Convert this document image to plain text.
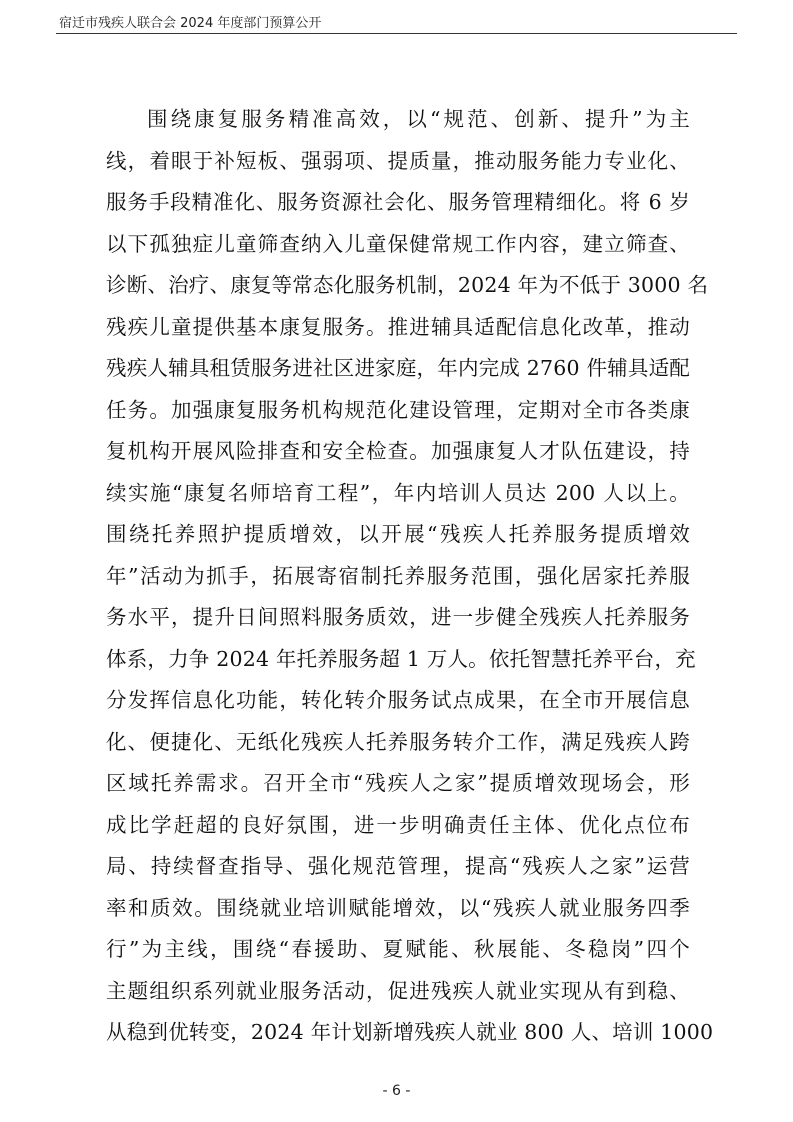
宿迁市残疾人联合会 2024 年度部门预算公开
围绕康复服务精准高效，以“规范、创新、提升”为主
线，着眼于补短板、强弱项、提质量，推动服务能力专业化、
服务手段精准化、服务资源社会化、服务管理精细化。将 6 岁
以下孤独症儿童筛查纳入儿童保健常规工作内容，建立筛查、
诊断、治疗、康复等常态化服务机制，2024 年为不低于 3000 名
残疾儿童提供基本康复服务。推进辅具适配信息化改革，推动
残疾人辅具租赁服务进社区进家庭，年内完成 2760 件辅具适配
任务。加强康复服务机构规范化建设管理，定期对全市各类康
复机构开展风险排查和安全检查。加强康复人才队伍建设，持
续实施“康复名师培育工程”，年内培训人员达 200 人以上。
围绕托养照护提质增效，以开展“残疾人托养服务提质增效
年”活动为抓手，拓展寄宿制托养服务范围，强化居家托养服
务水平，提升日间照料服务质效，进一步健全残疾人托养服务
体系，力争 2024 年托养服务超 1 万人。依托智慧托养平台，充
分发挥信息化功能，转化转介服务试点成果，在全市开展信息
化、便捷化、无纸化残疾人托养服务转介工作，满足残疾人跨
区域托养需求。召开全市“残疾人之家”提质增效现场会，形
成比学赶超的良好氛围，进一步明确责任主体、优化点位布
局、持续督查指导、强化规范管理，提高“残疾人之家”运营
率和质效。围绕就业培训赋能增效，以“残疾人就业服务四季
行”为主线，围绕“春援助、夏赋能、秋展能、冬稳岗”四个
主题组织系列就业服务活动，促进残疾人就业实现从有到稳、
从稳到优转变，2024 年计划新增残疾人就业 800 人、培训 1000
- 6 -
